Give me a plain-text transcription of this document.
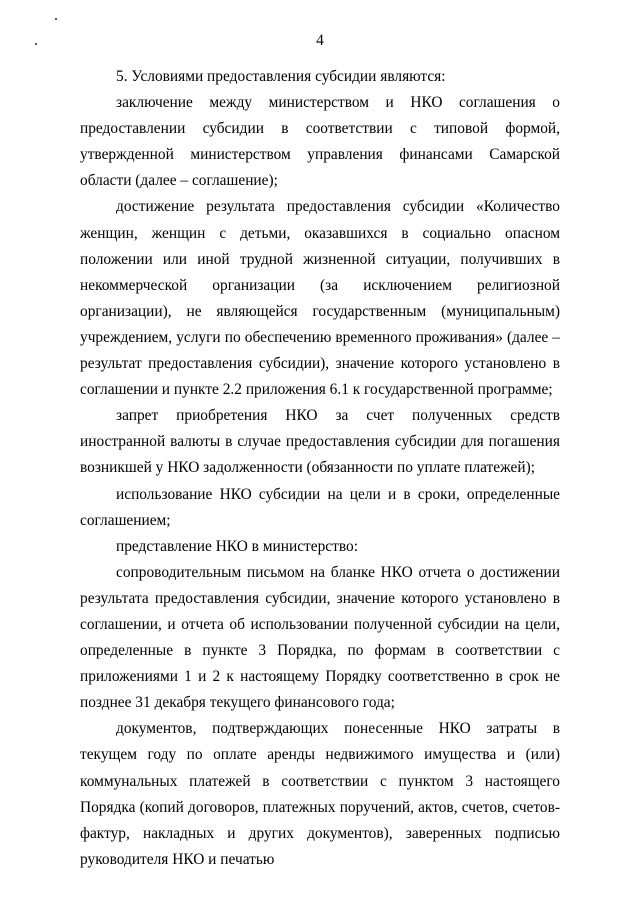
4

5. Условиями предоставления субсидии являются:

заключение между министерством и НКО соглашения о предоставлении субсидии в соответствии с типовой формой, утвержденной министерством управления финансами Самарской области (далее – соглашение);

достижение результата предоставления субсидии «Количество женщин, женщин с детьми, оказавшихся в социально опасном положении или иной трудной жизненной ситуации, получивших в некоммерческой организации (за исключением религиозной организации), не являющейся государственным (муниципальным) учреждением, услуги по обеспечению временного проживания» (далее – результат предоставления субсидии), значение которого установлено в соглашении и пункте 2.2 приложения 6.1 к государственной программе;

запрет приобретения НКО за счет полученных средств иностранной валюты в случае предоставления субсидии для погашения возникшей у НКО задолженности (обязанности по уплате платежей);

использование НКО субсидии на цели и в сроки, определенные соглашением;

представление НКО в министерство:

сопроводительным письмом на бланке НКО отчета о достижении результата предоставления субсидии, значение которого установлено в соглашении, и отчета об использовании полученной субсидии на цели, определенные в пункте 3 Порядка, по формам в соответствии с приложениями 1 и 2 к настоящему Порядку соответственно в срок не позднее 31 декабря текущего финансового года;

документов, подтверждающих понесенные НКО затраты в текущем году по оплате аренды недвижимого имущества и (или) коммунальных платежей в соответствии с пунктом 3 настоящего Порядка (копий договоров, платежных поручений, актов, счетов, счетов-фактур, накладных и других документов), заверенных подписью руководителя НКО и печатью
